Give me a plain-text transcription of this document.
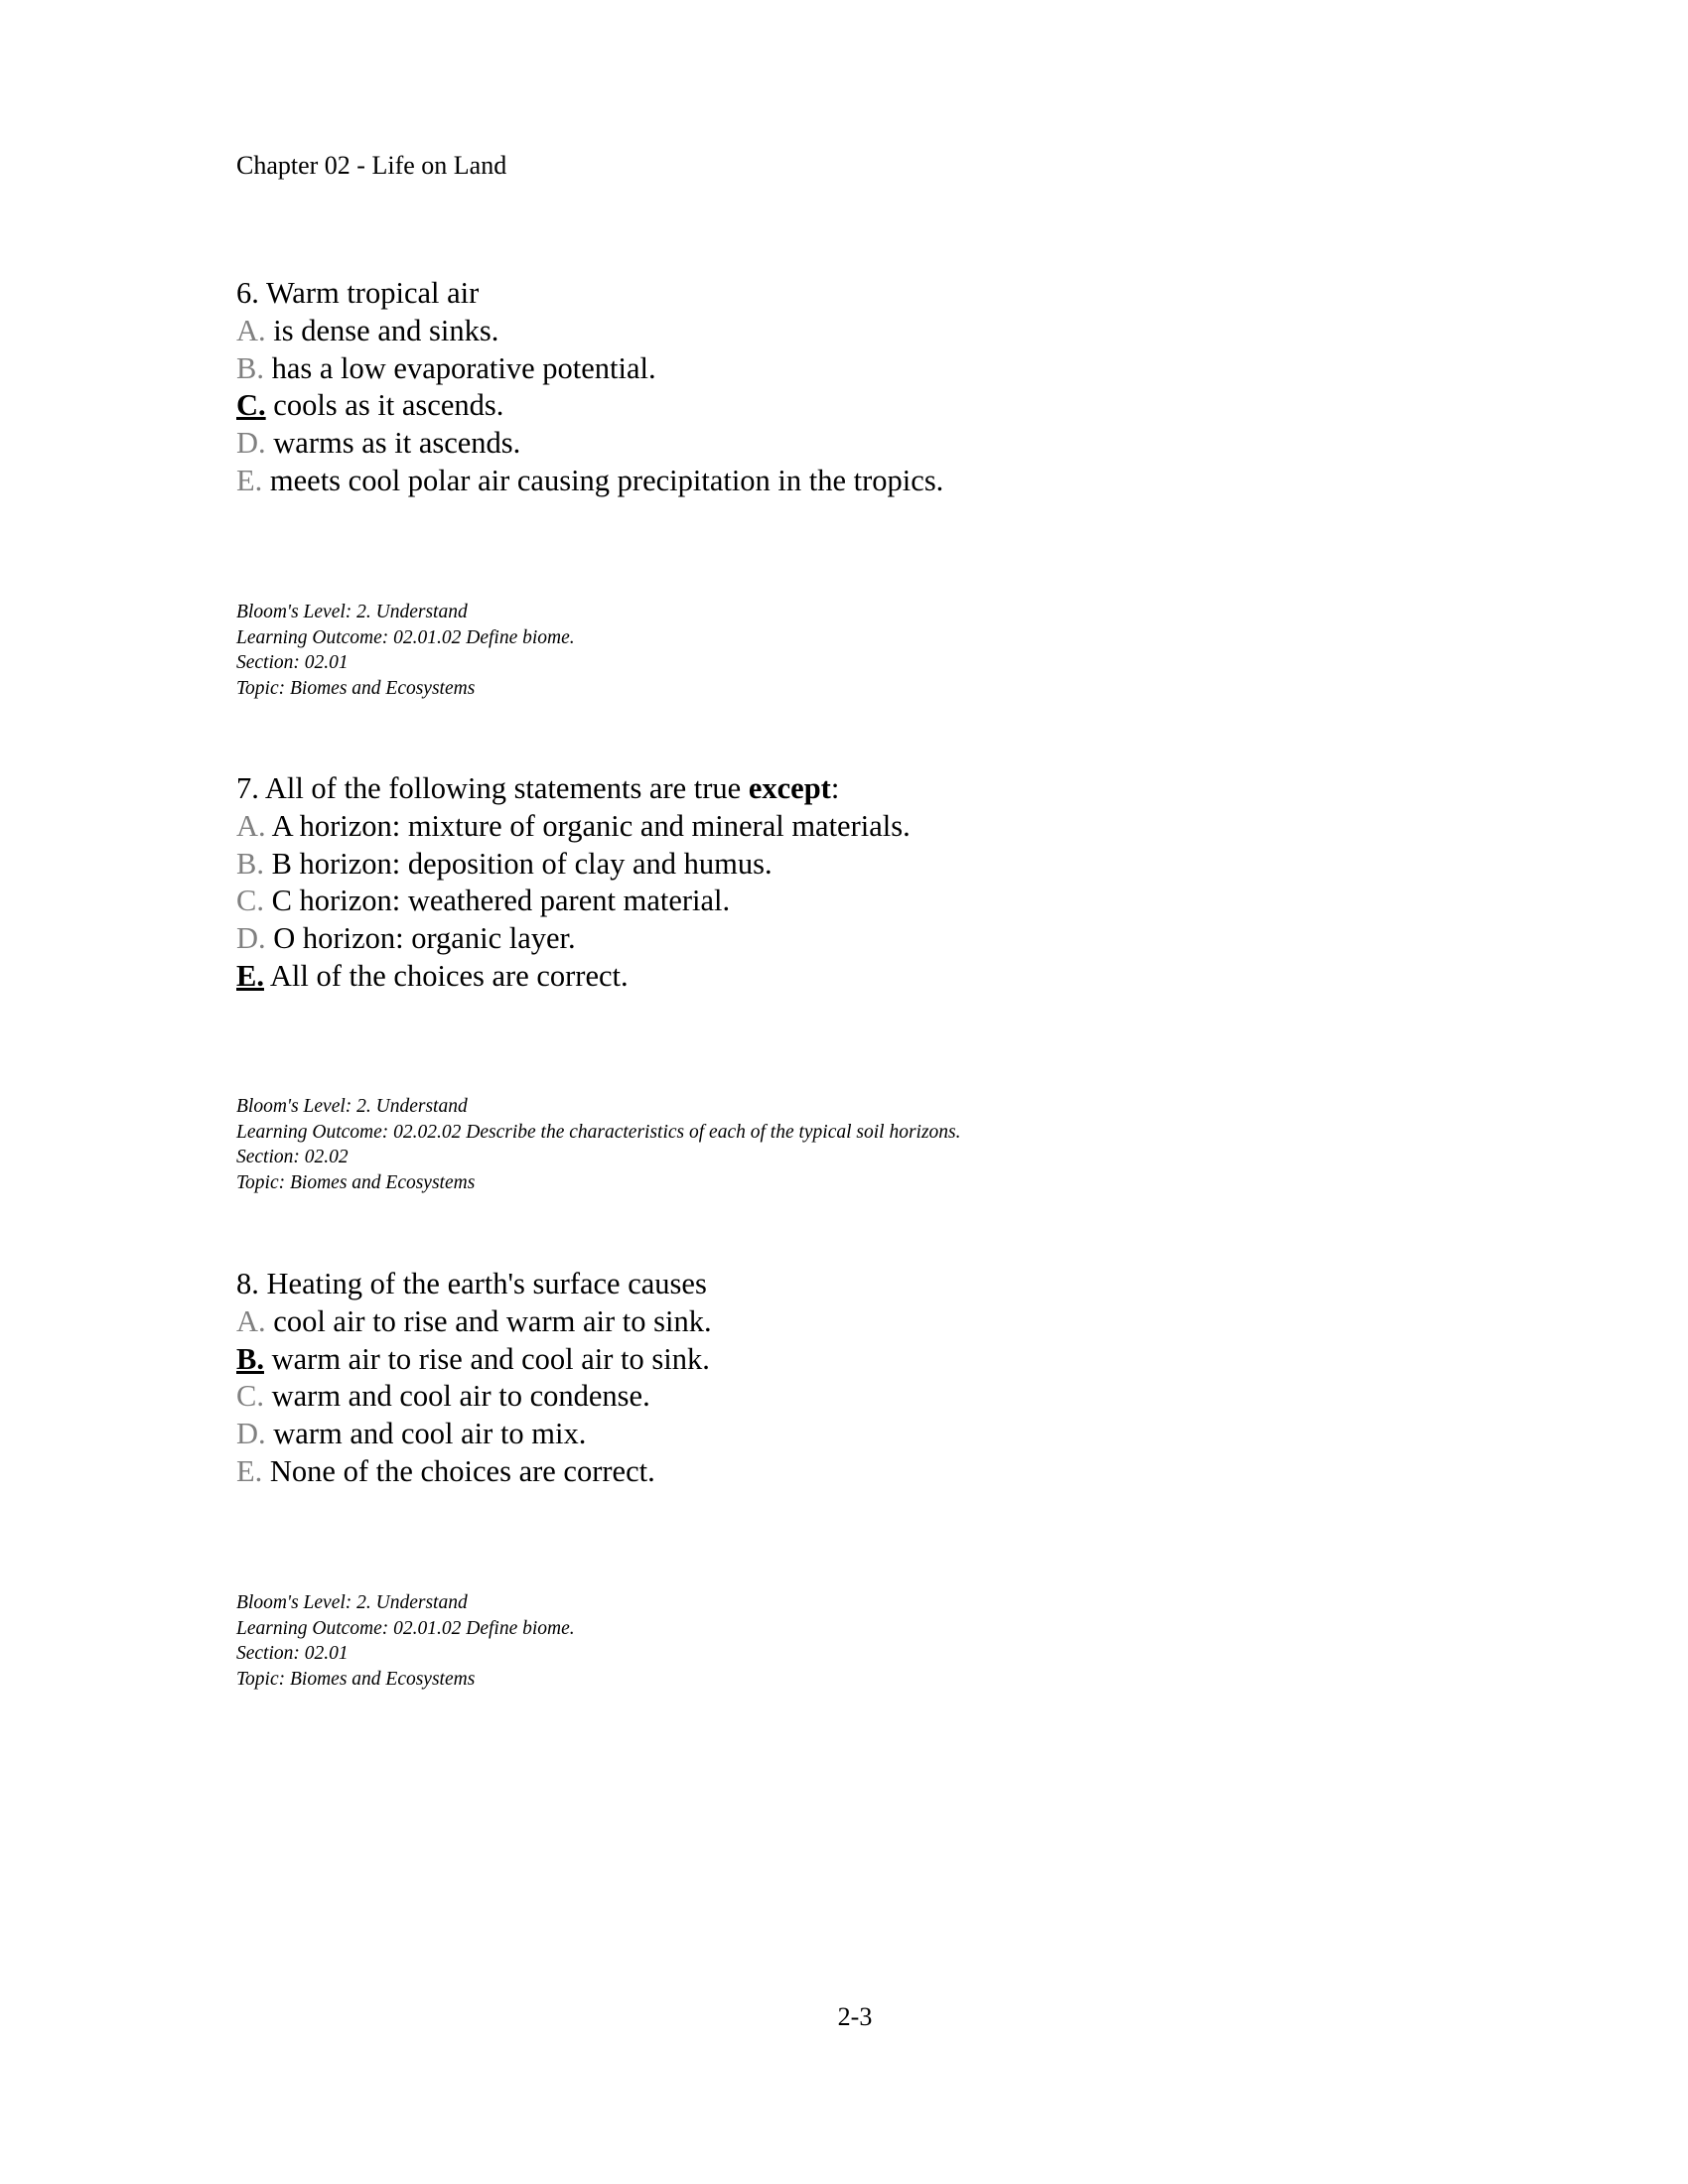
Chapter 02 - Life on Land
6. Warm tropical air
A. is dense and sinks.
B. has a low evaporative potential.
C. cools as it ascends.
D. warms as it ascends.
E. meets cool polar air causing precipitation in the tropics.
Bloom's Level: 2. Understand
Learning Outcome: 02.01.02 Define biome.
Section: 02.01
Topic: Biomes and Ecosystems
7. All of the following statements are true except:
A. A horizon: mixture of organic and mineral materials.
B. B horizon: deposition of clay and humus.
C. C horizon: weathered parent material.
D. O horizon: organic layer.
E. All of the choices are correct.
Bloom's Level: 2. Understand
Learning Outcome: 02.02.02 Describe the characteristics of each of the typical soil horizons.
Section: 02.02
Topic: Biomes and Ecosystems
8. Heating of the earth's surface causes
A. cool air to rise and warm air to sink.
B. warm air to rise and cool air to sink.
C. warm and cool air to condense.
D. warm and cool air to mix.
E. None of the choices are correct.
Bloom's Level: 2. Understand
Learning Outcome: 02.01.02 Define biome.
Section: 02.01
Topic: Biomes and Ecosystems
2-3
